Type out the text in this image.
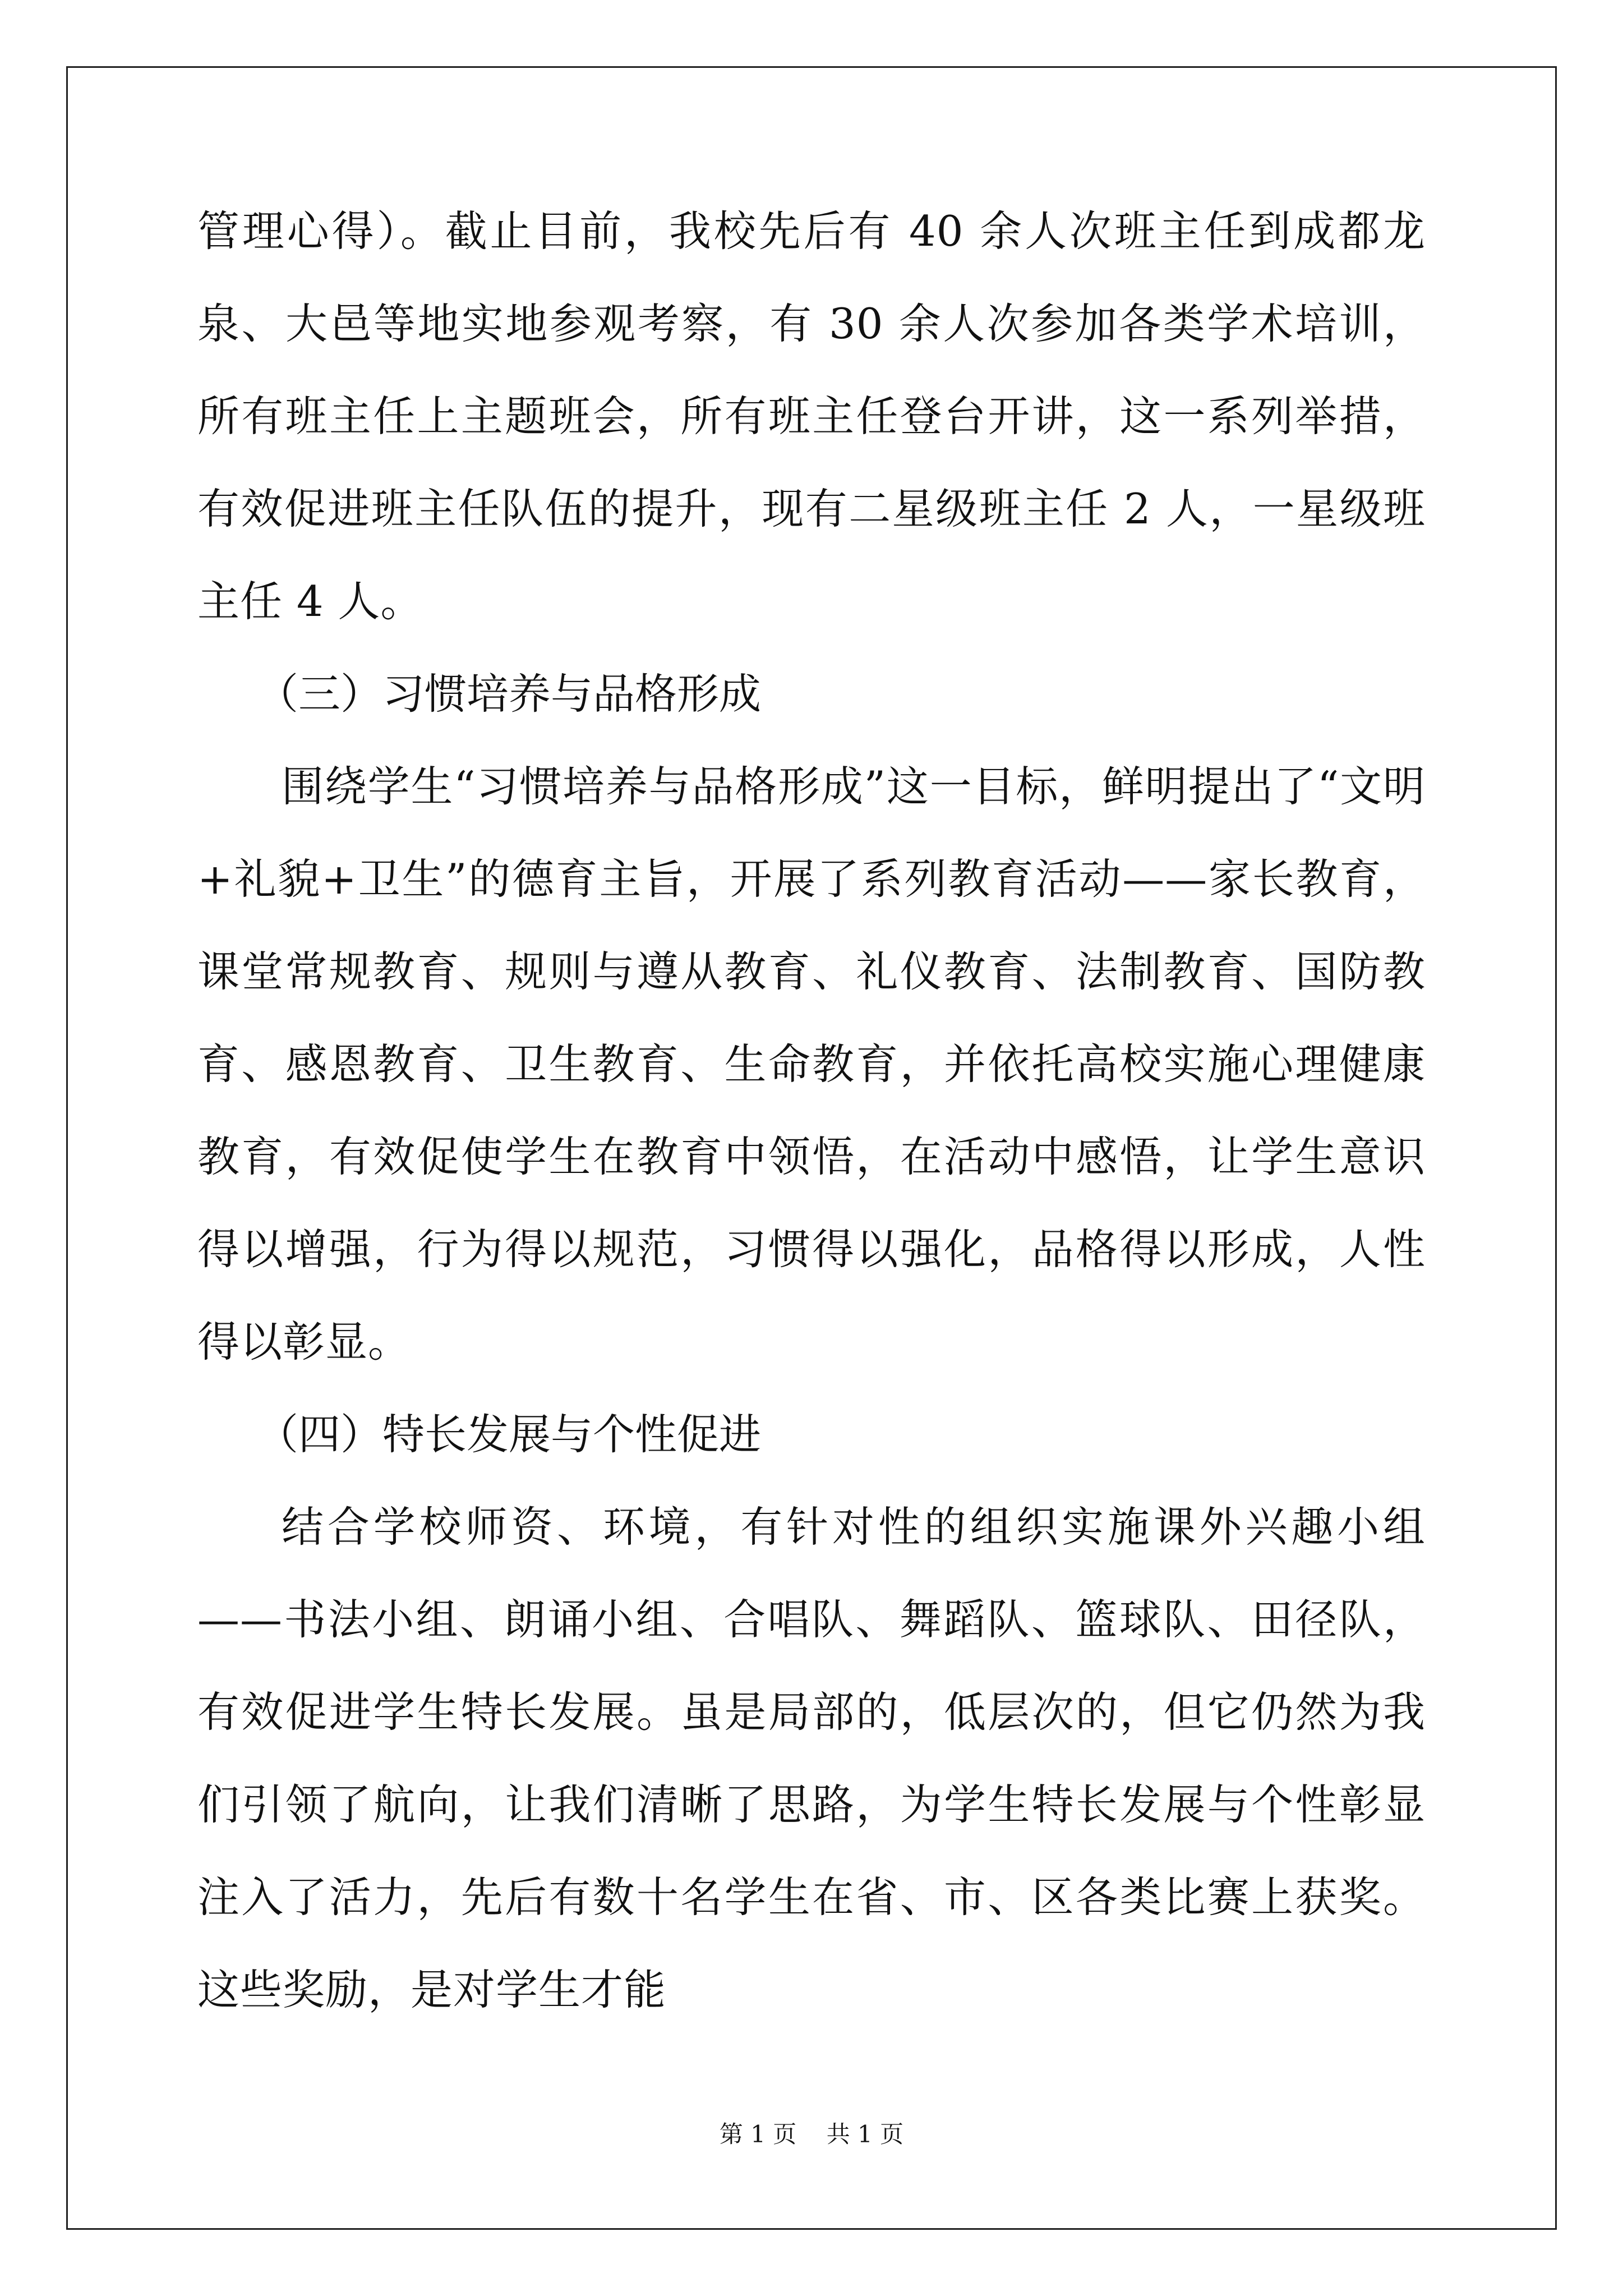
管理心得）。截止目前，我校先后有 40 余人次班主任到成都龙泉、大邑等地实地参观考察，有 30 余人次参加各类学术培训，所有班主任上主题班会，所有班主任登台开讲，这一系列举措，有效促进班主任队伍的提升，现有二星级班主任 2 人，一星级班主任 4 人。

（三）习惯培养与品格形成

围绕学生“习惯培养与品格形成”这一目标，鲜明提出了“文明+礼貌+卫生”的德育主旨，开展了系列教育活动——家长教育，课堂常规教育、规则与遵从教育、礼仪教育、法制教育、国防教育、感恩教育、卫生教育、生命教育，并依托高校实施心理健康教育，有效促使学生在教育中领悟，在活动中感悟，让学生意识得以增强，行为得以规范，习惯得以强化，品格得以形成，人性得以彰显。

（四）特长发展与个性促进

结合学校师资、环境，有针对性的组织实施课外兴趣小组——书法小组、朗诵小组、合唱队、舞蹈队、篮球队、田径队，有效促进学生特长发展。虽是局部的，低层次的，但它仍然为我们引领了航向，让我们清晰了思路，为学生特长发展与个性彰显注入了活力，先后有数十名学生在省、市、区各类比赛上获奖。这些奖励，是对学生才能

第 1 页    共 1 页
